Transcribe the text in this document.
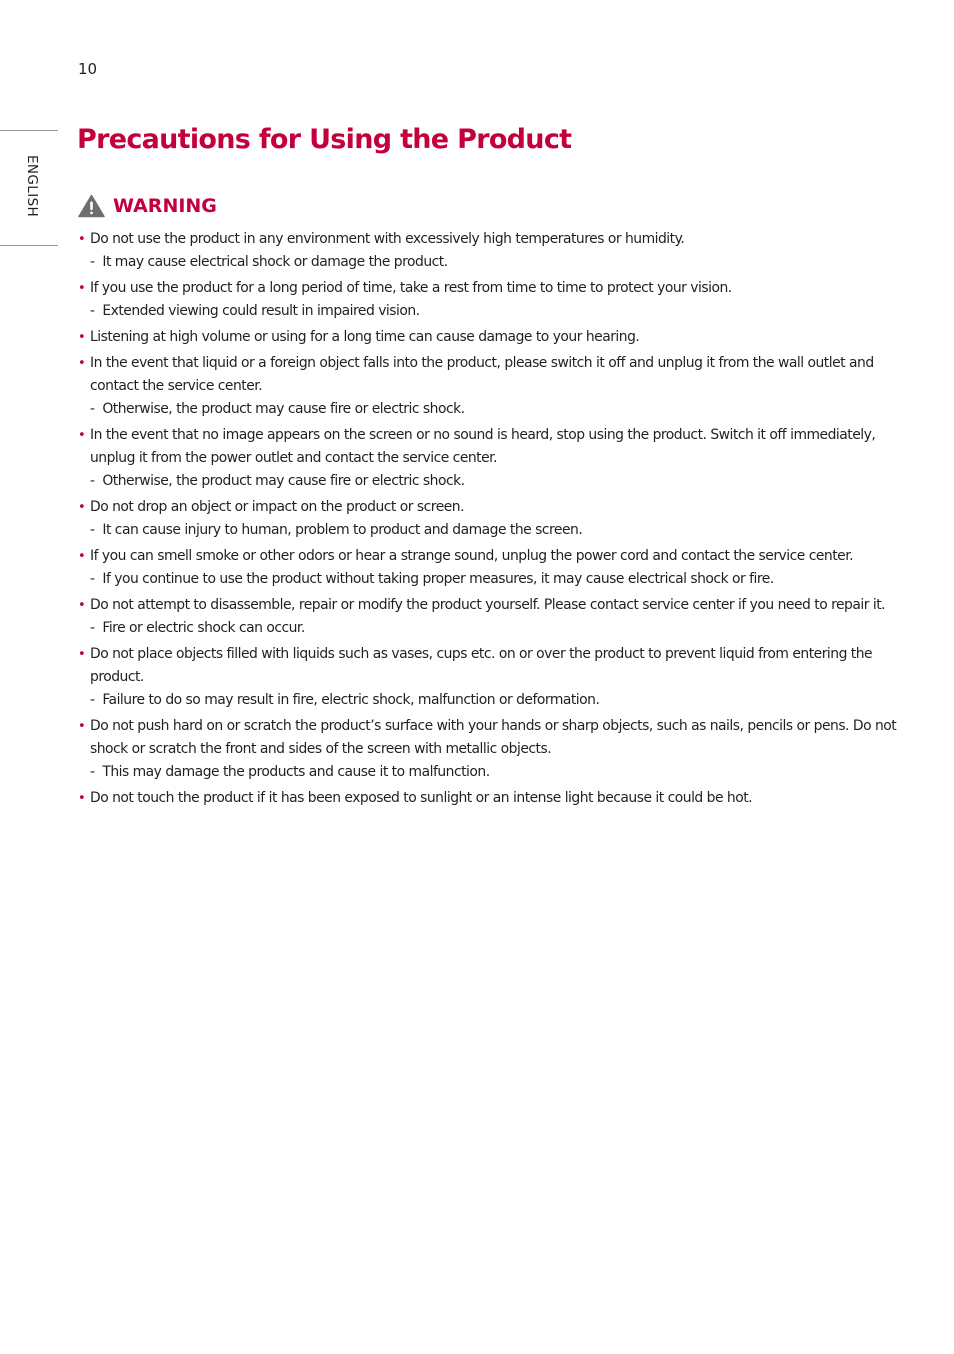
10
ENGLISH
Precautions for Using the Product
WARNING
• Do not use the product in any environment with excessively high temperatures or humidity.
-  It may cause electrical shock or damage the product.
• If you use the product for a long period of time, take a rest from time to time to protect your vision.
-  Extended viewing could result in impaired vision.
• Listening at high volume or using for a long time can cause damage to your hearing.
• In the event that liquid or a foreign object falls into the product, please switch it off and unplug it from the wall outlet and contact the service center.
-  Otherwise, the product may cause fire or electric shock.
• In the event that no image appears on the screen or no sound is heard, stop using the product. Switch it off immediately, unplug it from the power outlet and contact the service center.
-  Otherwise, the product may cause fire or electric shock.
• Do not drop an object or impact on the product or screen.
-  It can cause injury to human, problem to product and damage the screen.
• If you can smell smoke or other odors or hear a strange sound, unplug the power cord and contact the service center.
-  If you continue to use the product without taking proper measures, it may cause electrical shock or fire.
• Do not attempt to disassemble, repair or modify the product yourself. Please contact service center if you need to repair it.
-  Fire or electric shock can occur.
• Do not place objects filled with liquids such as vases, cups etc. on or over the product to prevent liquid from entering the product.
-  Failure to do so may result in fire, electric shock, malfunction or deformation.
• Do not push hard on or scratch the product’s surface with your hands or sharp objects, such as nails, pencils or pens. Do not shock or scratch the front and sides of the screen with metallic objects.
-  This may damage the products and cause it to malfunction.
• Do not touch the product if it has been exposed to sunlight or an intense light because it could be hot.
